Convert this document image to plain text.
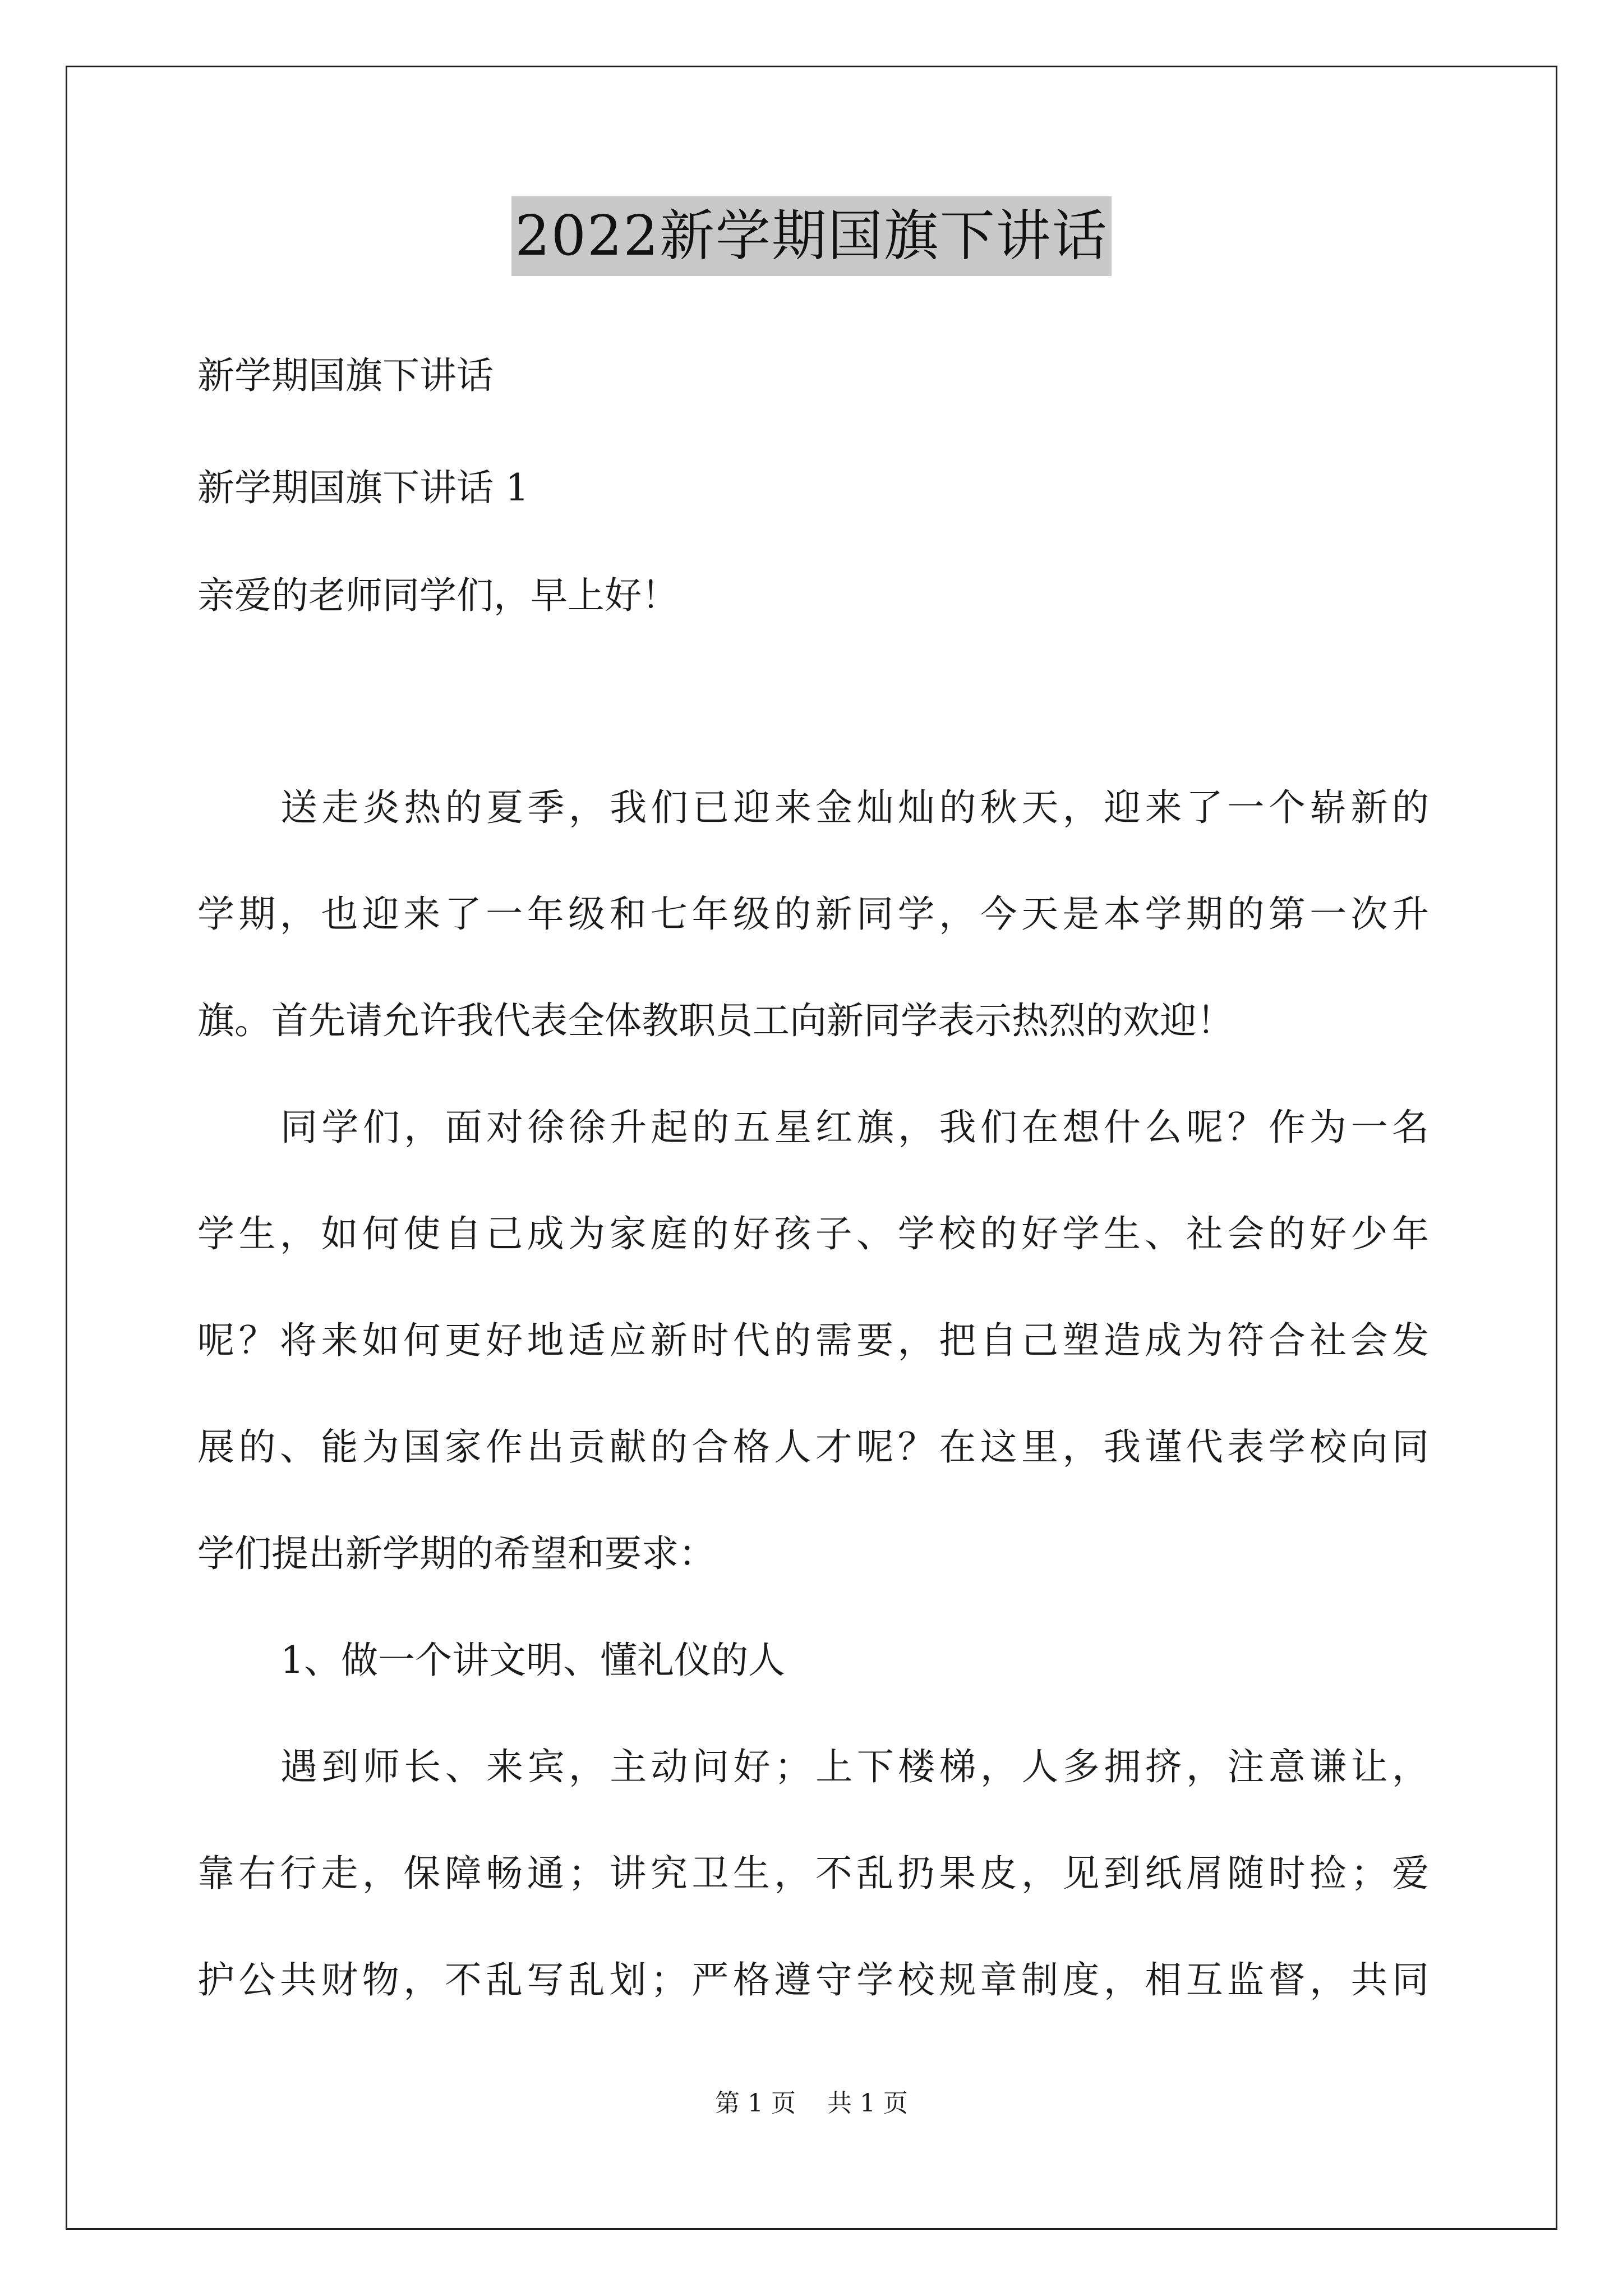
2022新学期国旗下讲话
新学期国旗下讲话
新学期国旗下讲话 1
亲爱的老师同学们，早上好！
送走炎热的夏季，我们已迎来金灿灿的秋天，迎来了一个崭新的
学期，也迎来了一年级和七年级的新同学，今天是本学期的第一次升
旗。首先请允许我代表全体教职员工向新同学表示热烈的欢迎！
同学们，面对徐徐升起的五星红旗，我们在想什么呢？作为一名
学生，如何使自己成为家庭的好孩子、学校的好学生、社会的好少年
呢？将来如何更好地适应新时代的需要，把自己塑造成为符合社会发
展的、能为国家作出贡献的合格人才呢？在这里，我谨代表学校向同
学们提出新学期的希望和要求：
1、做一个讲文明、懂礼仪的人
遇到师长、来宾，主动问好；上下楼梯，人多拥挤，注意谦让，
靠右行走，保障畅通；讲究卫生，不乱扔果皮，见到纸屑随时捡；爱
护公共财物，不乱写乱划；严格遵守学校规章制度，相互监督，共同
第 1 页 共 1 页
